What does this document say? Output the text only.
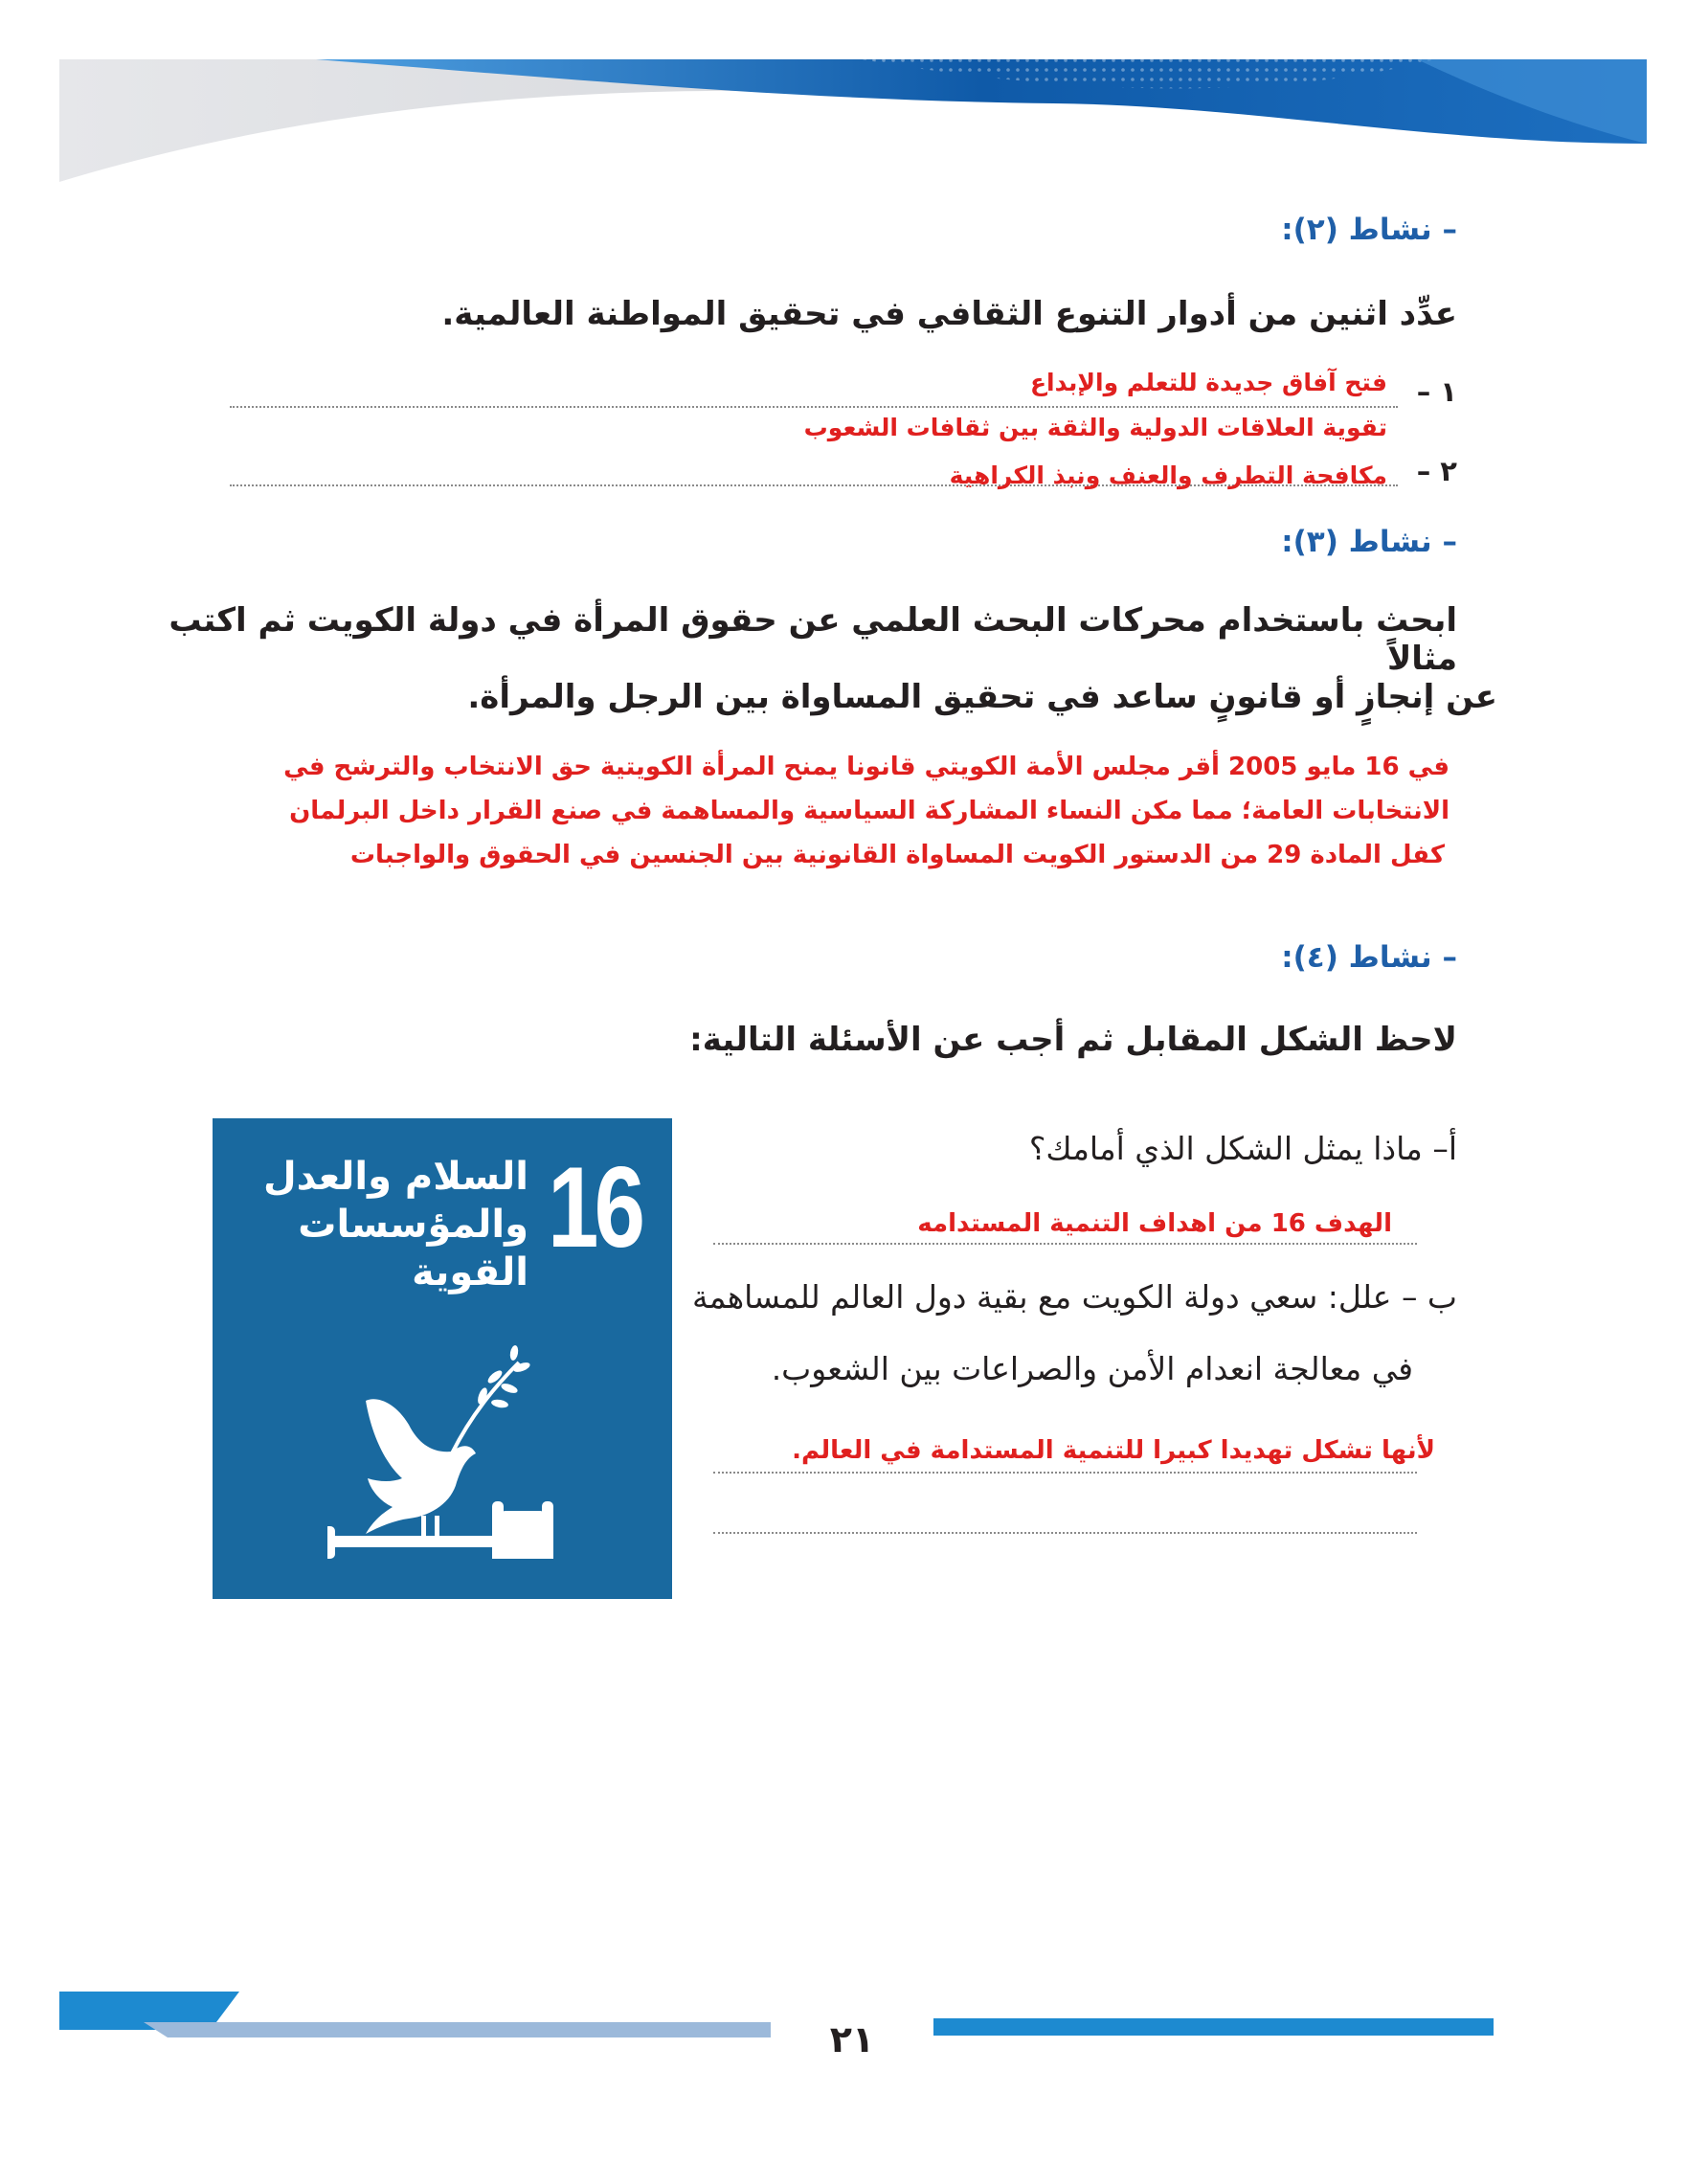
– نشاط (٢):
عدِّد اثنين من أدوار التنوع الثقافي في تحقيق المواطنة العالمية.
١ –
فتح آفاق جديدة للتعلم والإبداع
تقوية العلاقات الدولية والثقة بين ثقافات الشعوب
٢ –
مكافحة التطرف والعنف ونبذ الكراهية
– نشاط (٣):
ابحث باستخدام محركات البحث العلمي عن حقوق المرأة في دولة الكويت ثم اكتب مثالاً
عن إنجازٍ أو قانونٍ ساعد في تحقيق المساواة بين الرجل والمرأة.
في 16 مايو 2005 أقر مجلس الأمة الكويتي قانونا يمنح المرأة الكويتية حق الانتخاب والترشح في
الانتخابات العامة؛ مما مكن النساء المشاركة السياسية والمساهمة في صنع القرار داخل البرلمان
كفل المادة 29 من الدستور الكويت المساواة القانونية بين الجنسين في الحقوق والواجبات
– نشاط (٤):
لاحظ الشكل المقابل ثم أجب عن الأسئلة التالية:
أ– ماذا يمثل الشكل الذي أمامك؟
الهدف 16 من اهداف التنمية المستدامه
ب – علل: سعي دولة الكويت مع بقية دول العالم للمساهمة
في معالجة انعدام الأمن والصراعات بين الشعوب.
لأنها تشكل تهديدا كبيرا للتنمية المستدامة في العالم.
16
السلام والعدل
والمؤسسات
القوية
٢١
